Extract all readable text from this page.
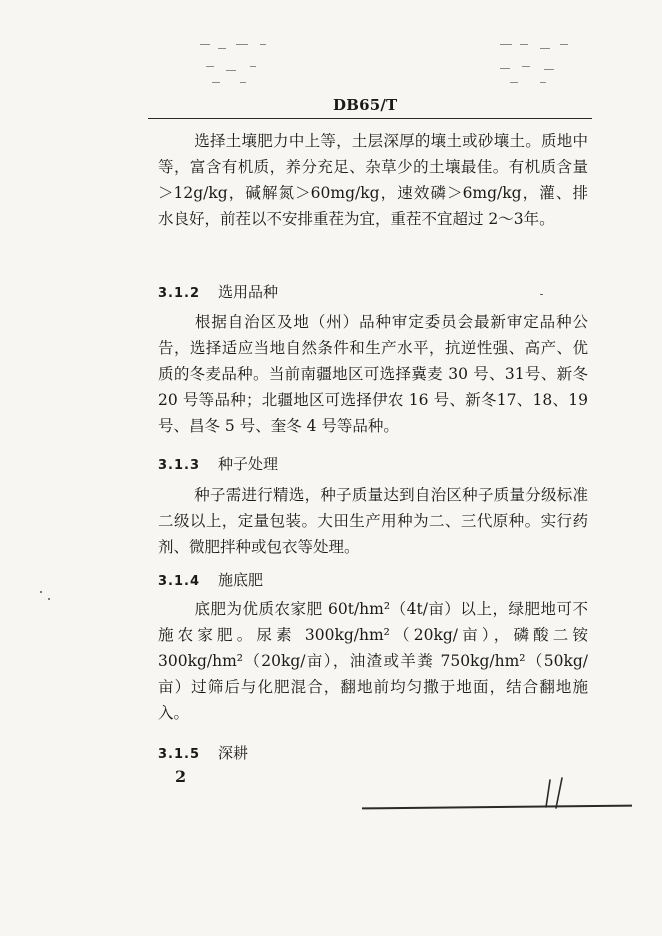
DB65/T
选择土壤肥力中上等，土层深厚的壤土或砂壤土。质地中等，富含有机质，养分充足、杂草少的土壤最佳。有机质含量＞12g/kg，碱解氮＞60mg/kg，速效磷＞6mg/kg，灌、排水良好，前茬以不安排重茬为宜，重茬不宜超过 2～3年。
3.1.2 选用品种
根据自治区及地（州）品种审定委员会最新审定品种公告，选择适应当地自然条件和生产水平，抗逆性强、高产、优质的冬麦品种。当前南疆地区可选择冀麦 30 号、31号、新冬 20 号等品种；北疆地区可选择伊农 16 号、新冬17、18、19 号、昌冬 5 号、奎冬 4 号等品种。
3.1.3 种子处理
种子需进行精选，种子质量达到自治区种子质量分级标准二级以上，定量包装。大田生产用种为二、三代原种。实行药剂、微肥拌种或包衣等处理。
3.1.4 施底肥
底肥为优质农家肥 60t/hm²（4t/亩）以上，绿肥地可不施农家肥。尿素 300kg/hm²（20kg/亩），磷酸二铵300kg/hm²（20kg/亩），油渣或羊粪 750kg/hm²（50kg/亩）过筛后与化肥混合，翻地前均匀撒于地面，结合翻地施入。
3.1.5 深耕
2
